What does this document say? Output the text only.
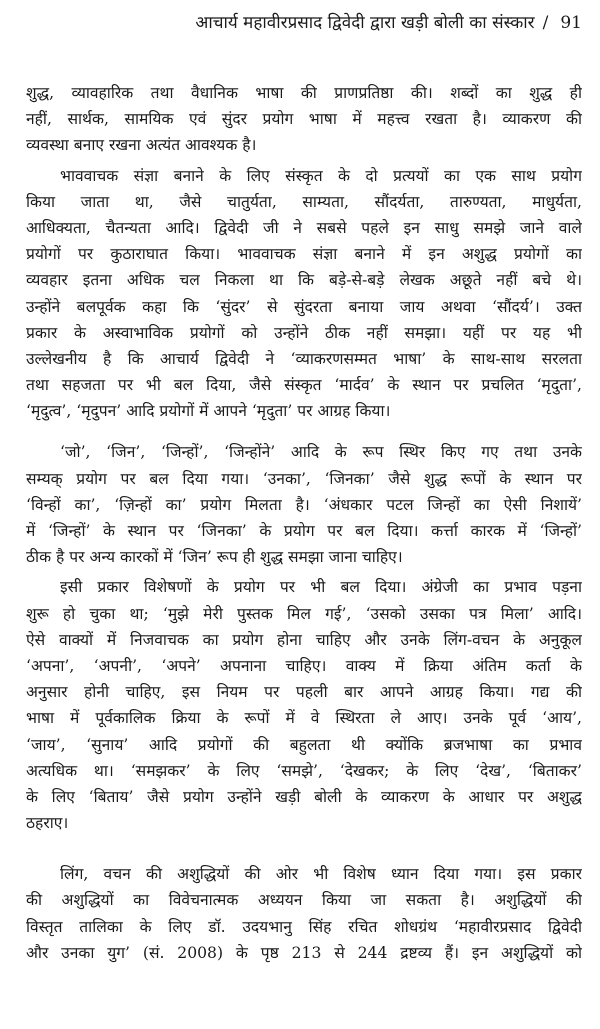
आचार्य महावीरप्रसाद द्विवेदी द्वारा खड़ी बोली का संस्कार / 91
शुद्ध, व्यावहारिक तथा वैधानिक भाषा की प्राणप्रतिष्ठा की। शब्दों का शुद्ध ही
नहीं, सार्थक, सामयिक एवं सुंदर प्रयोग भाषा में महत्त्व रखता है। व्याकरण की
व्यवस्था बनाए रखना अत्यंत आवश्यक है।
भाववाचक संज्ञा बनाने के लिए संस्कृत के दो प्रत्ययों का एक साथ प्रयोग
किया जाता था, जैसे चातुर्यता, साम्यता, सौंदर्यता, तारुण्यता, माधुर्यता,
आधिक्यता, चैतन्यता आदि। द्विवेदी जी ने सबसे पहले इन साधु समझे जाने वाले
प्रयोगों पर कुठाराघात किया। भाववाचक संज्ञा बनाने में इन अशुद्ध प्रयोगों का
व्यवहार इतना अधिक चल निकला था कि बड़े-से-बड़े लेखक अछूते नहीं बचे थे।
उन्होंने बलपूर्वक कहा कि ‘सुंदर’ से सुंदरता बनाया जाय अथवा ‘सौंदर्य’। उक्त
प्रकार के अस्वाभाविक प्रयोगों को उन्होंने ठीक नहीं समझा। यहीं पर यह भी
उल्लेखनीय है कि आचार्य द्विवेदी ने ‘व्याकरणसम्मत भाषा’ के साथ-साथ सरलता
तथा सहजता पर भी बल दिया, जैसे संस्कृत ‘मार्दव’ के स्थान पर प्रचलित ‘मृदुता’,
‘मृदुत्व’, ‘मृदुपन’ आदि प्रयोगों में आपने ‘मृदुता’ पर आग्रह किया।
‘जो’, ‘जिन’, ‘जिन्हों’, ‘जिन्होंने’ आदि के रूप स्थिर किए गए तथा उनके
सम्यक् प्रयोग पर बल दिया गया। ‘उनका’, ‘जिनका’ जैसे शुद्ध रूपों के स्थान पर
‘विन्हों का’, ‘ज़िन्हों का’ प्रयोग मिलता है। ‘अंधकार पटल जिन्हों का ऐसी निशायें’
में ‘जिन्हों’ के स्थान पर ‘जिनका’ के प्रयोग पर बल दिया। कर्त्ता कारक में ‘जिन्हों’
ठीक है पर अन्य कारकों में ‘जिन’ रूप ही शुद्ध समझा जाना चाहिए।
इसी प्रकार विशेषणों के प्रयोग पर भी बल दिया। अंग्रेजी का प्रभाव पड़ना
शुरू हो चुका था; ‘मुझे मेरी पुस्तक मिल गई’, ‘उसको उसका पत्र मिला’ आदि।
ऐसे वाक्यों में निजवाचक का प्रयोग होना चाहिए और उनके लिंग-वचन के अनुकूल
‘अपना’, ‘अपनी’, ‘अपने’ अपनाना चाहिए। वाक्य में क्रिया अंतिम कर्ता के
अनुसार होनी चाहिए, इस नियम पर पहली बार आपने आग्रह किया। गद्य की
भाषा में पूर्वकालिक क्रिया के रूपों में वे स्थिरता ले आए। उनके पूर्व ‘आय’,
‘जाय’, ‘सुनाय’ आदि प्रयोगों की बहुलता थी क्योंकि ब्रजभाषा का प्रभाव
अत्यधिक था। ‘समझकर’ के लिए ‘समझे’, ‘देखकर; के लिए ‘देख’, ‘बिताकर’
के लिए ‘बिताय’ जैसे प्रयोग उन्होंने खड़ी बोली के व्याकरण के आधार पर अशुद्ध
ठहराए।
लिंग, वचन की अशुद्धियों की ओर भी विशेष ध्यान दिया गया। इस प्रकार
की अशुद्धियों का विवेचनात्मक अध्ययन किया जा सकता है। अशुद्धियों की
विस्तृत तालिका के लिए डॉ. उदयभानु सिंह रचित शोधग्रंथ ‘महावीरप्रसाद द्विवेदी
और उनका युग’ (सं. 2008) के पृष्ठ 213 से 244 द्रष्टव्य हैं। इन अशुद्धियों को
